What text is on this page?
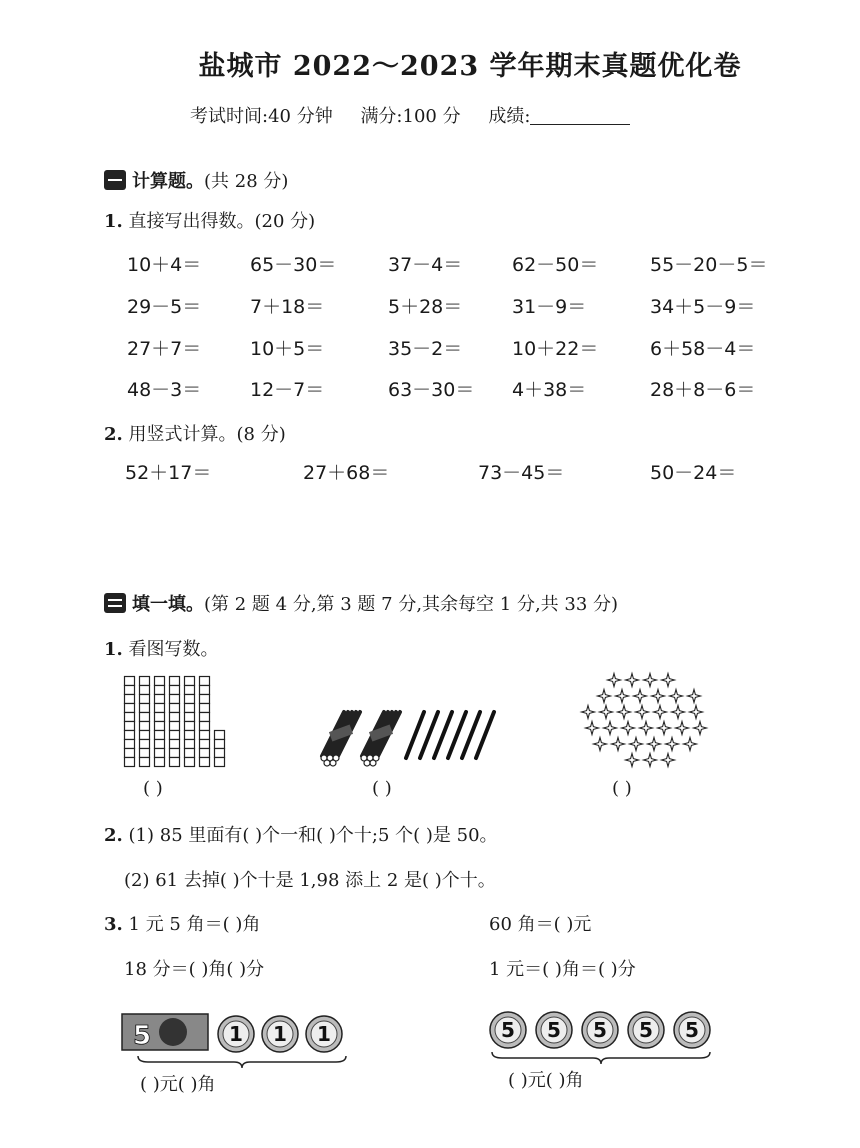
盐城市 2022～2023 学年期末真题优化卷
考试时间:40 分钟 满分:100 分 成绩:
计算题。(共 28 分)
1. 直接写出得数。(20 分)
10＋4＝	65－30＝	37－4＝	62－50＝	55－20－5＝
29－5＝	7＋18＝	5＋28＝	31－9＝	34＋5－9＝
27＋7＝	10＋5＝	35－2＝	10＋22＝	6＋58－4＝
48－3＝	12－7＝	63－30＝ 4＋38＝	28＋8－6＝
2. 用竖式计算。(8 分)
52＋17＝	27＋68＝	73－45＝	50－24＝
填一填。(第 2 题 4 分,第 3 题 7 分,其余每空 1 分,共 33 分)
1. 看图写数。
( )	( )	( )
2. (1) 85 里面有( )个一和( )个十;5 个( )是 50。
(2) 61 去掉( )个十是 1,98 添上 2 是( )个十。
3. 1 元 5 角＝( )角	60 角＝( )元
18 分＝( )角( )分	1 元＝( )角＝( )分
5	1 1 1
( )元( )角
5 5 5 5 5
( )元( )角
